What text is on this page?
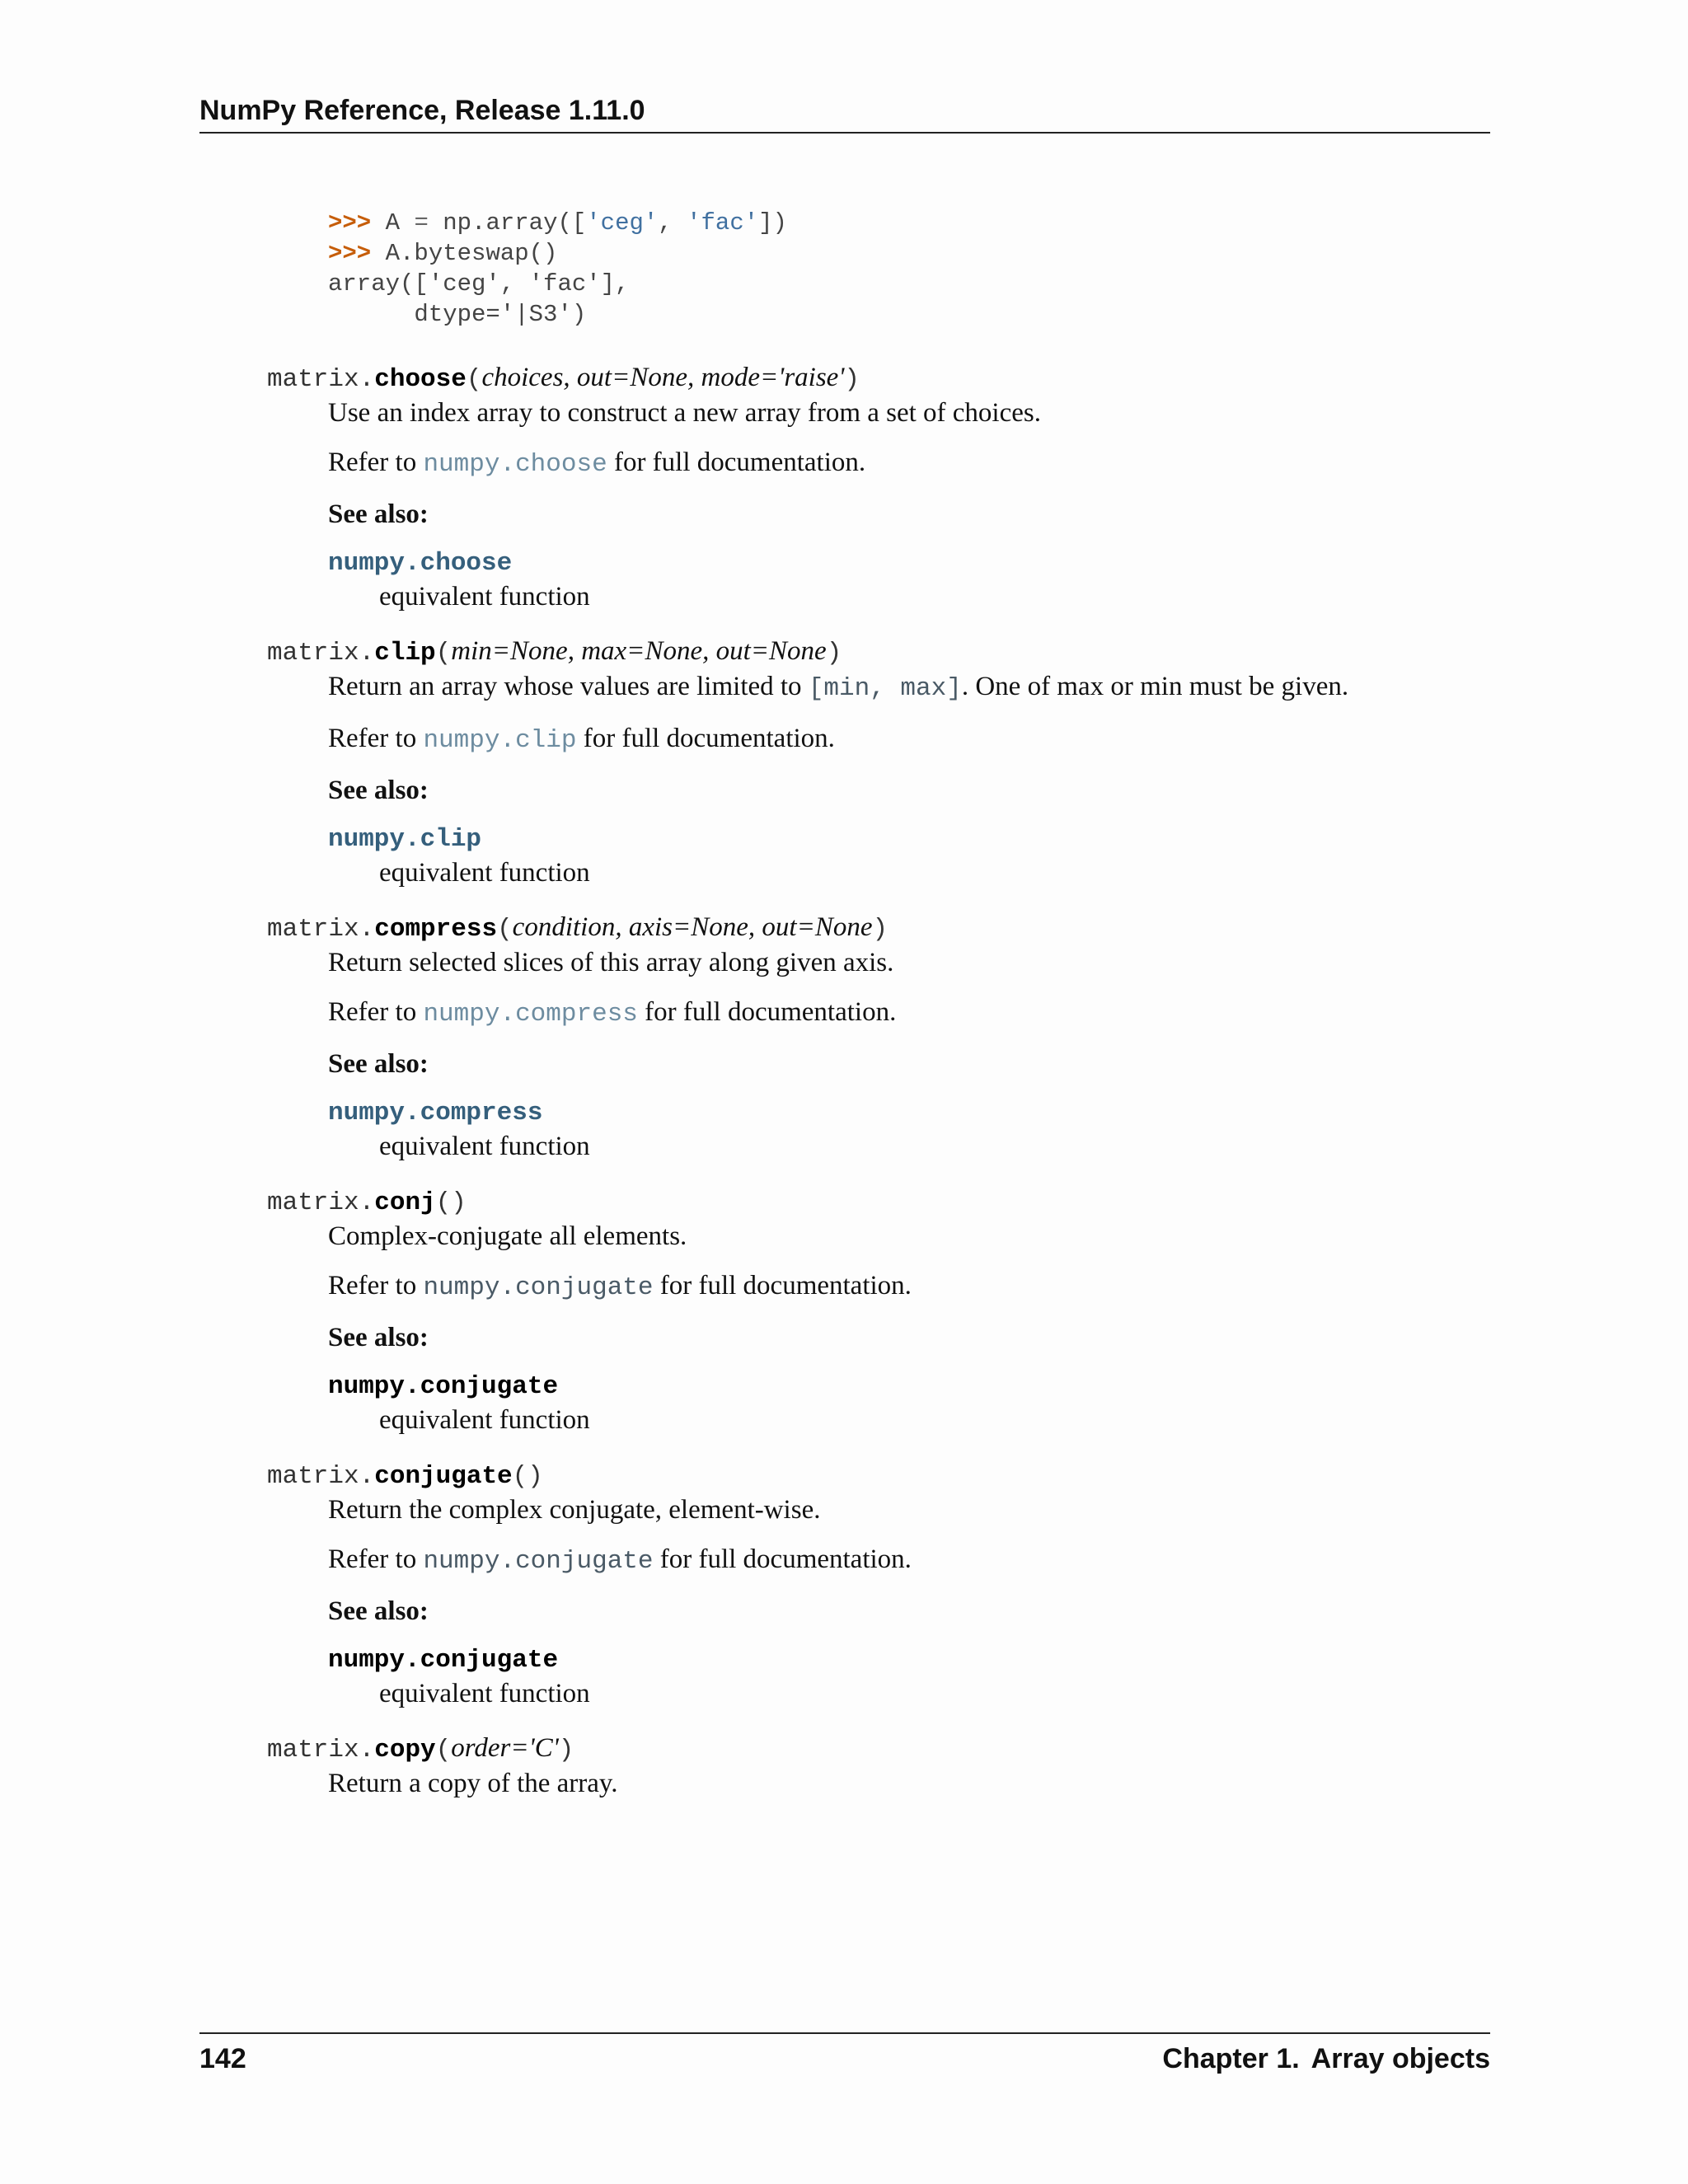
NumPy Reference, Release 1.11.0
>>> A = np.array(['ceg', 'fac'])
>>> A.byteswap()
array(['ceg', 'fac'],
dtype='|S3')
matrix.choose(choices, out=None, mode='raise')

Use an index array to construct a new array from a set of choices.

Refer to numpy.choose for full documentation.

See also:

numpy.choose
equivalent function
matrix.clip(min=None, max=None, out=None)

Return an array whose values are limited to [min, max]. One of max or min must be given.

Refer to numpy.clip for full documentation.

See also:

numpy.clip
equivalent function
matrix.compress(condition, axis=None, out=None)

Return selected slices of this array along given axis.

Refer to numpy.compress for full documentation.

See also:

numpy.compress
equivalent function
matrix.conj()

Complex-conjugate all elements.

Refer to numpy.conjugate for full documentation.

See also:

numpy.conjugate
equivalent function
matrix.conjugate()

Return the complex conjugate, element-wise.

Refer to numpy.conjugate for full documentation.

See also:

numpy.conjugate
equivalent function
matrix.copy(order='C')

Return a copy of the array.

142	Chapter 1. Array objects
